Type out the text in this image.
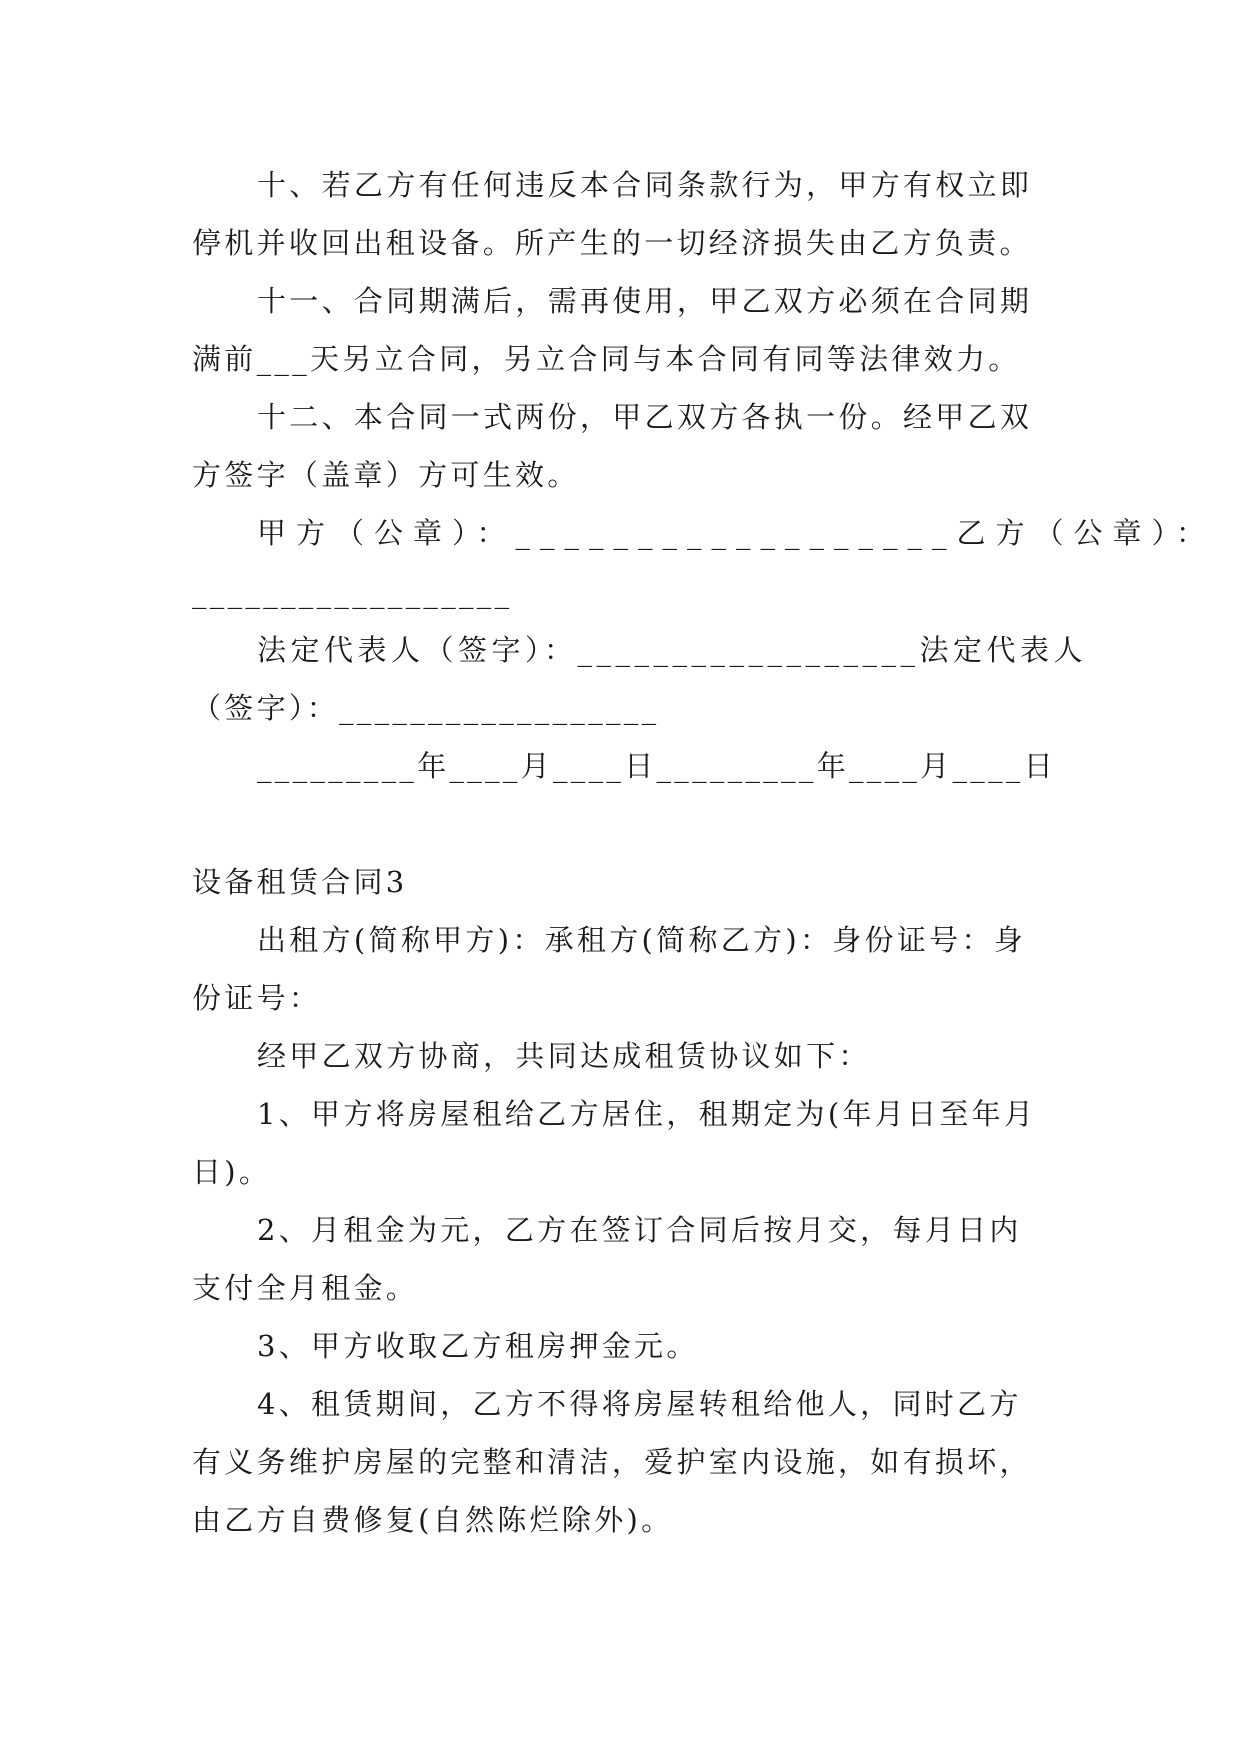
十、若乙方有任何违反本合同条款行为，甲方有权立即
停机并收回出租设备。所产生的一切经济损失由乙方负责。
十一、合同期满后，需再使用，甲乙双方必须在合同期
满前___天另立合同，另立合同与本合同有同等法律效力。
十二、本合同一式两份，甲乙双方各执一份。经甲乙双
方签字（盖章）方可生效。
甲方（公章）：__________________乙方（公章）：
__________________
法定代表人（签字）：__________________法定代表人
（签字）：__________________
_________年____月____日_________年____月____日
设备租赁合同3
出租方(简称甲方)：承租方(简称乙方)：身份证号：身
份证号：
经甲乙双方协商，共同达成租赁协议如下：
1、甲方将房屋租给乙方居住，租期定为(年月日至年月
日)。
2、月租金为元，乙方在签订合同后按月交，每月日内
支付全月租金。
3、甲方收取乙方租房押金元。
4、租赁期间，乙方不得将房屋转租给他人，同时乙方
有义务维护房屋的完整和清洁，爱护室内设施，如有损坏，
由乙方自费修复(自然陈烂除外)。
